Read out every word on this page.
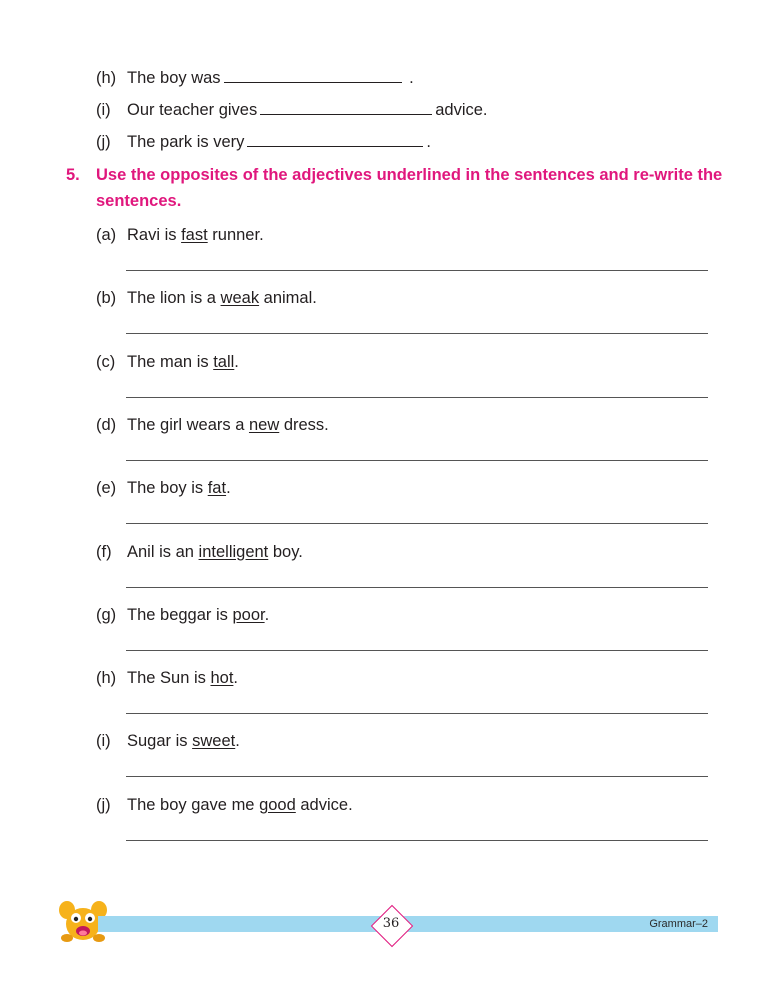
(h) The boy was	.
(i) Our teacher gives	advice.
(j) The park is very	.
5. Use the opposites of the adjectives underlined in the sentences and re-write the sentences.
(a) Ravi is fast runner.
(b) The lion is a weak animal.
(c) The man is tall.
(d) The girl wears a new dress.
(e) The boy is fat.
(f) Anil is an intelligent boy.
(g) The beggar is poor.
(h) The Sun is hot.
(i) Sugar is sweet.
(j) The boy gave me good advice.
36	Grammar–2
